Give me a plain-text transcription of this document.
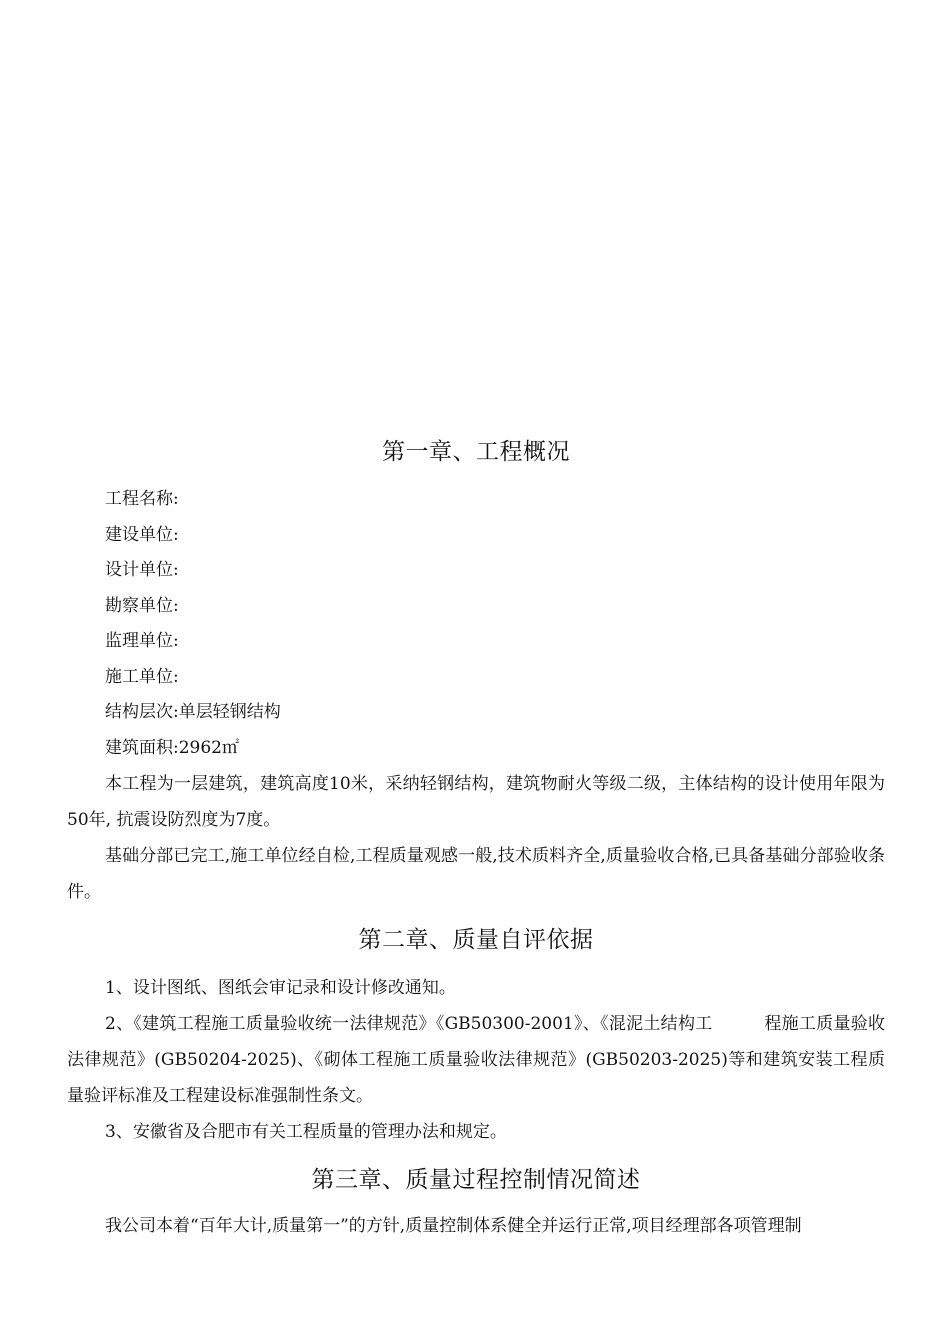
第一章、工程概况

工程名称:

建设单位:

设计单位:

勘察单位:

监理单位:

施工单位:

结构层次:单层轻钢结构

建筑面积:2962㎡

本工程为一层建筑，建筑高度10米，采纳轻钢结构，建筑物耐火等级二级，主体结构的设计使用年限为50年, 抗震设防烈度为7度。

基础分部已完工,施工单位经自检,工程质量观感一般,技术质料齐全,质量验收合格,已具备基础分部验收条件。

第二章、质量自评依据

1、设计图纸、图纸会审记录和设计修改通知。

2、《建筑工程施工质量验收统一法律规范》《GB50300-2001》、《混泥土结构工　　　程施工质量验收法律规范》(GB50204-2025)、《砌体工程施工质量验收法律规范》(GB50203-2025)等和建筑安装工程质量验评标准及工程建设标准强制性条文。

3、安徽省及合肥市有关工程质量的管理办法和规定。

第三章、质量过程控制情况简述

我公司本着“百年大计,质量第一”的方针,质量控制体系健全并运行正常,项目经理部各项管理制
